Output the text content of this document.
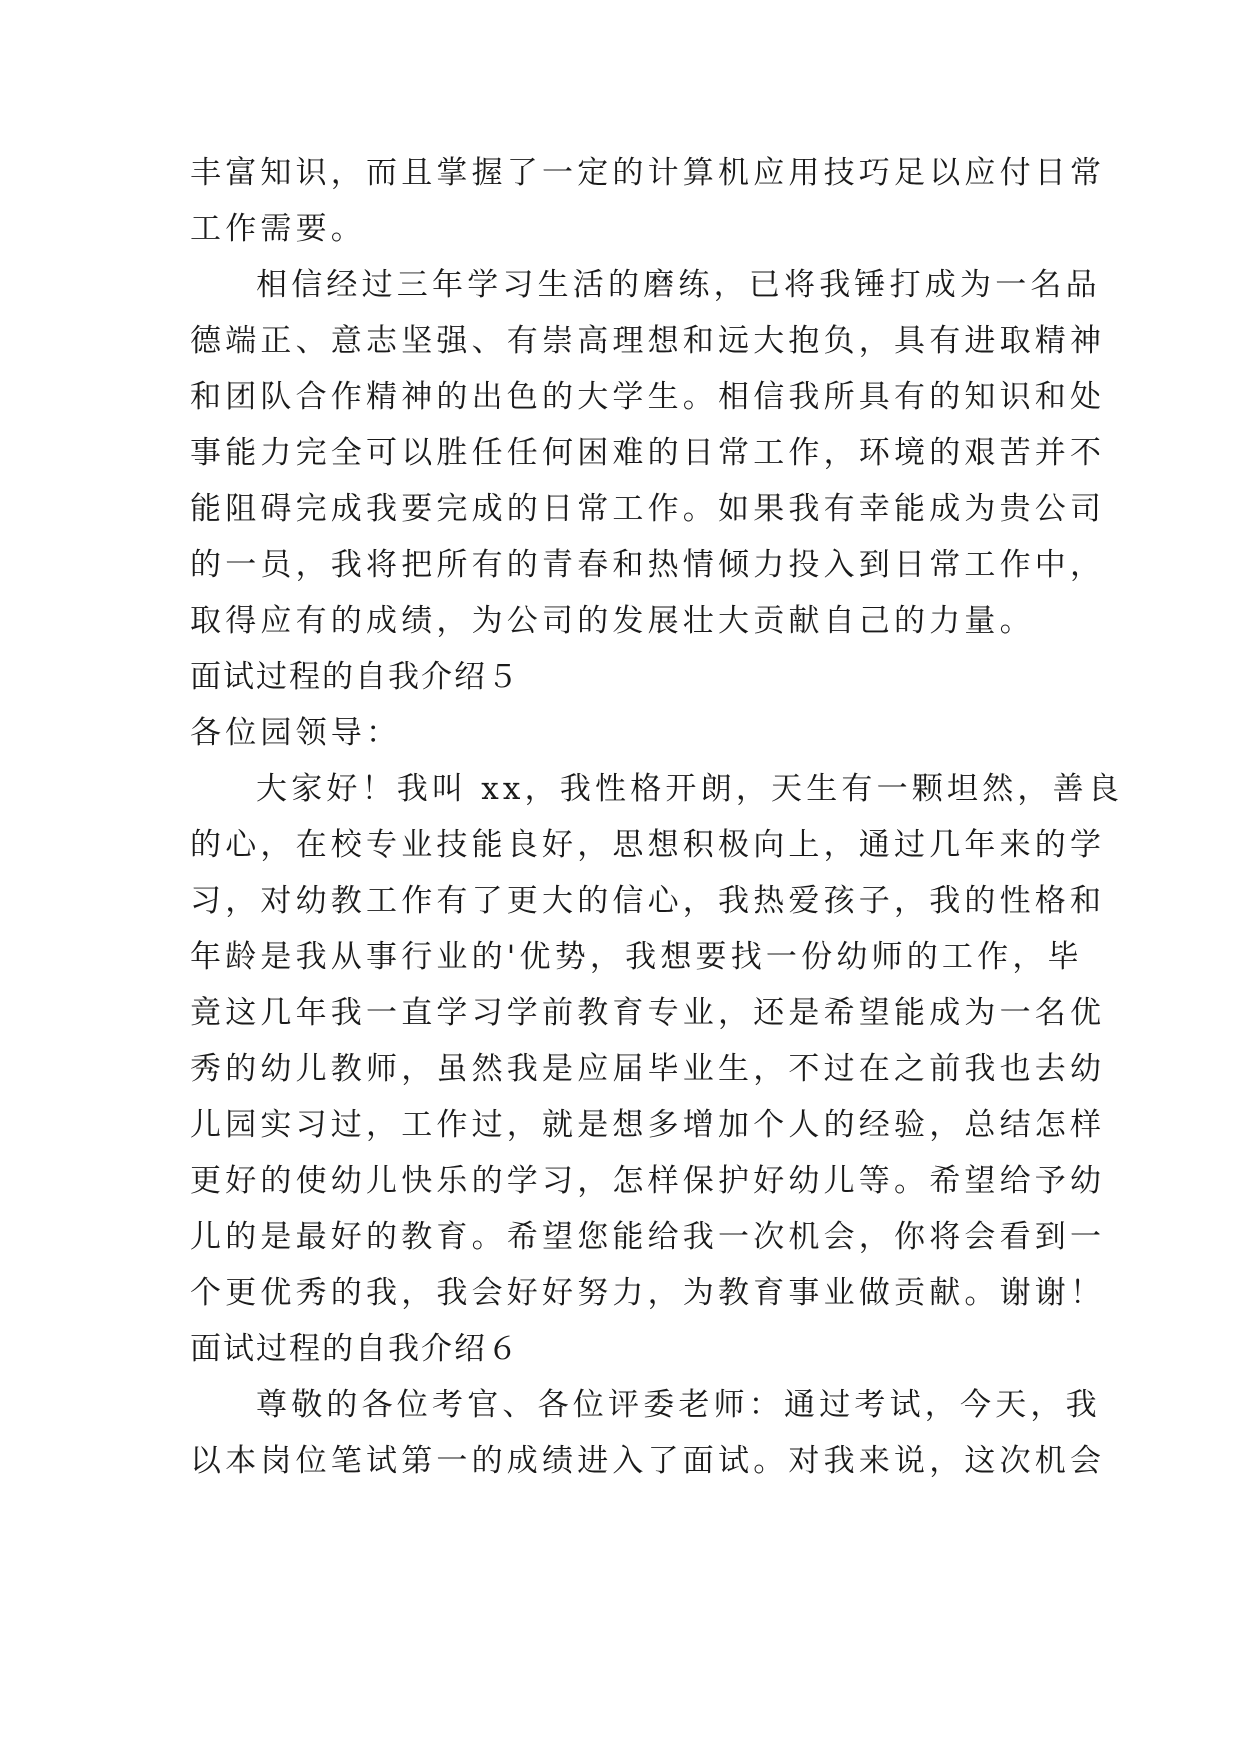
丰富知识，而且掌握了一定的计算机应用技巧足以应付日常
工作需要。
相信经过三年学习生活的磨练，已将我锤打成为一名品
德端正、意志坚强、有崇高理想和远大抱负，具有进取精神
和团队合作精神的出色的大学生。相信我所具有的知识和处
事能力完全可以胜任任何困难的日常工作，环境的艰苦并不
能阻碍完成我要完成的日常工作。如果我有幸能成为贵公司
的一员，我将把所有的青春和热情倾力投入到日常工作中，
取得应有的成绩，为公司的发展壮大贡献自己的力量。
面试过程的自我介绍５
各位园领导：
大家好！我叫 xx，我性格开朗，天生有一颗坦然，善良
的心，在校专业技能良好，思想积极向上，通过几年来的学
习，对幼教工作有了更大的信心，我热爱孩子，我的性格和
年龄是我从事行业的'优势，我想要找一份幼师的工作，毕
竟这几年我一直学习学前教育专业，还是希望能成为一名优
秀的幼儿教师，虽然我是应届毕业生，不过在之前我也去幼
儿园实习过，工作过，就是想多增加个人的经验，总结怎样
更好的使幼儿快乐的学习，怎样保护好幼儿等。希望给予幼
儿的是最好的教育。希望您能给我一次机会，你将会看到一
个更优秀的我，我会好好努力，为教育事业做贡献。谢谢！
面试过程的自我介绍６
尊敬的各位考官、各位评委老师：通过考试，今天，我
以本岗位笔试第一的成绩进入了面试。对我来说，这次机会
